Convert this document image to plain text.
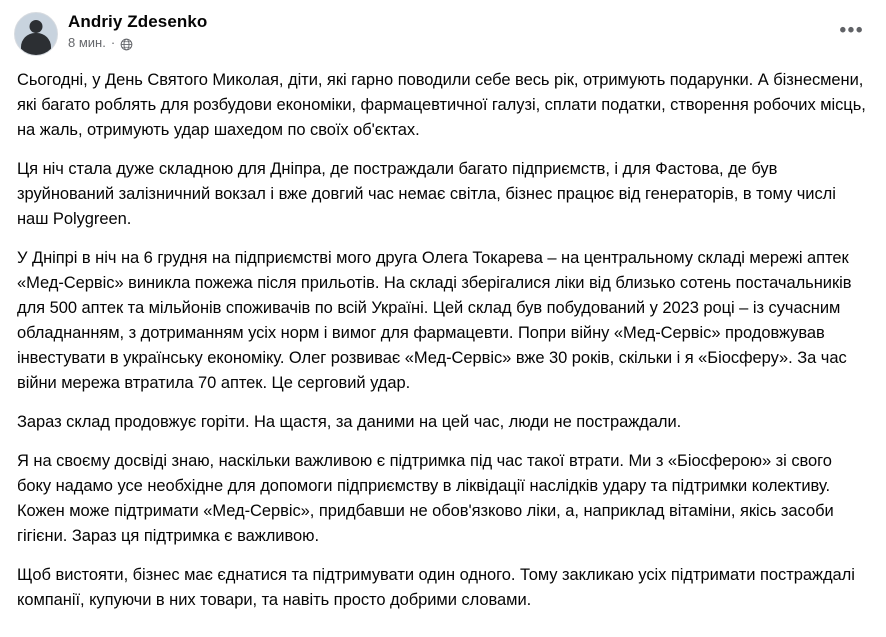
Andriy Zdesenko
8 мин. ·
•••

Сьогодні, у День Святого Миколая, діти, які гарно поводили себе весь рік, отримують подарунки. А бізнесмени, які багато роблять для розбудови економіки, фармацевтичної галузі, сплати податки, створення робочих місць, на жаль, отримують удар шахедом по своїх об'єктах.

Ця ніч стала дуже складною для Дніпра, де постраждали багато підприємств, і для Фастова, де був зруйнований залізничний вокзал і вже довгий час немає світла, бізнес працює від генераторів, в тому числі наш Polygreen.

У Дніпрі в ніч на 6 грудня на підприємстві мого друга Олега Токарева – на центральному складі мережі аптек «Мед-Сервіс» виникла пожежа після прильотів. На складі зберігалися ліки від близько сотень постачальників для 500 аптек та мільйонів споживачів по всій Україні. Цей склад був побудований у 2023 році – із сучасним обладнанням, з дотриманням усіх норм і вимог для фармацевти. Попри війну «Мед-Сервіс» продовжував інвестувати в українську економіку. Олег розвиває «Мед-Сервіс» вже 30 років, скільки і я «Біосферу». За час війни мережа втратила 70 аптек. Це серговий удар.

Зараз склад продовжує горіти. На щастя, за даними на цей час, люди не постраждали.

Я на своєму досвіді знаю, наскільки важливою є підтримка під час такої втрати. Ми з «Біосферою» зі свого боку надамо усе необхідне для допомоги підприємству в ліквідації наслідків удару та підтримки колективу. Кожен може підтримати «Мед-Сервіс», придбавши не обов'язково ліки, а, наприклад вітаміни, якісь засоби гігієни. Зараз ця підтримка є важливою.

Щоб вистояти, бізнес має єднатися та підтримувати один одного. Тому закликаю усіх підтримати постраждалі компанії, купуючи в них товари, та навіть просто добрими словами.
